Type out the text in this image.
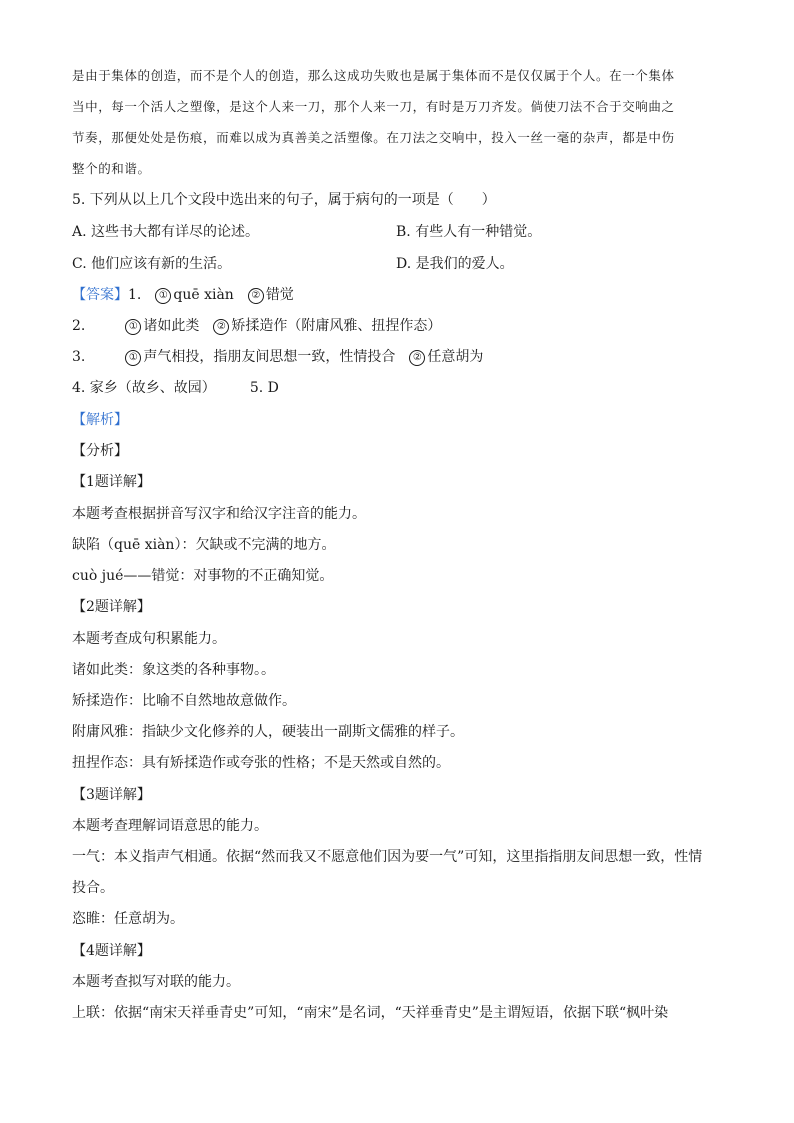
是由于集体的创造，而不是个人的创造，那么这成功失败也是属于集体而不是仅仅属于个人。在一个集体
当中，每一个活人之塑像，是这个人来一刀，那个人来一刀，有时是万刀齐发。倘使刀法不合于交响曲之
节奏，那便处处是伤痕，而难以成为真善美之活塑像。在刀法之交响中，投入一丝一毫的杂声，都是中伤
整个的和谐。
5. 下列从以上几个文段中选出来的句子，属于病句的一项是（　　）
A. 这些书大都有详尽的论述。	B. 有些人有一种错觉。
C. 他们应该有新的生活。	D. 是我们的爱人。
【答案】1. ① quē xiàn ② 错觉
2.	① 诸如此类 ② 矫揉造作（附庸风雅、扭捏作态）
3.	① 声气相投，指朋友间思想一致，性情投合 ② 任意胡为
4. 家乡（故乡、故园） 5. D
【解析】
【分析】
【1题详解】
本题考查根据拼音写汉字和给汉字注音的能力。
缺陷（quē xiàn）：欠缺或不完满的地方。
cuò jué——错觉：对事物的不正确知觉。
【2题详解】
本题考查成句积累能力。
诸如此类：象这类的各种事物。。
矫揉造作：比喻不自然地故意做作。
附庸风雅：指缺少文化修养的人，硬装出一副斯文儒雅的样子。
扭捏作态：具有矫揉造作或夸张的性格；不是天然或自然的。
【3题详解】
本题考查理解词语意思的能力。
一气：本义指声气相通。依据“然而我又不愿意他们因为要一气”可知，这里指指朋友间思想一致，性情
投合。
恣睢：任意胡为。
【4题详解】
本题考查拟写对联的能力。
上联：依据“南宋天祥垂青史”可知，“南宋”是名词，“天祥垂青史”是主谓短语，依据下联“枫叶染
